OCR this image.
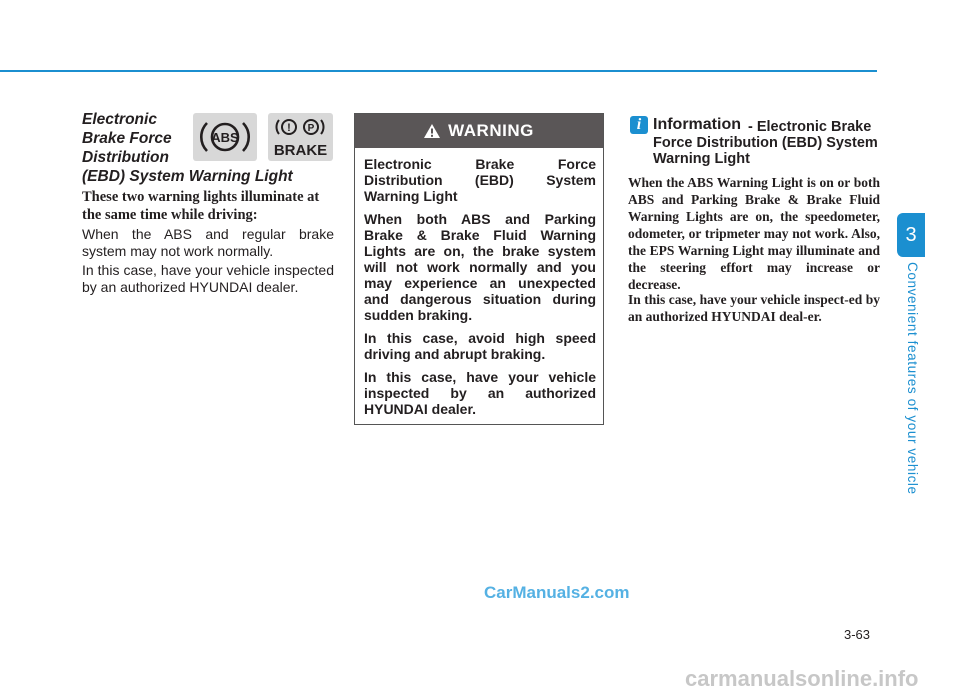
Electronic
Brake Force
Distribution
(EBD) System Warning Light
ABS
! P
BRAKE

These two warning lights illuminate at the same time while driving:

When the ABS and regular brake system may not work normally.

In this case, have your vehicle inspected by an authorized HYUNDAI dealer.

WARNING

Electronic Brake Force Distribution (EBD) System Warning Light

When both ABS and Parking Brake & Brake Fluid Warning Lights are on, the brake system will not work normally and you may experience an unexpected and dangerous situation during sudden braking.

In this case, avoid high speed driving and abrupt braking.

In this case, have your vehicle inspected by an authorized HYUNDAI dealer.

i Information - Electronic Brake Force Distribution (EBD) System Warning Light

When the ABS Warning Light is on or both ABS and Parking Brake & Brake Fluid Warning Lights are on, the speedometer, odometer, or tripmeter may not work. Also, the EPS Warning Light may illuminate and the steering effort may increase or decrease.

In this case, have your vehicle inspect-ed by an authorized HYUNDAI deal-er.

3
Convenient features of your vehicle
3-63
CarManuals2.com
carmanualsonline.info
